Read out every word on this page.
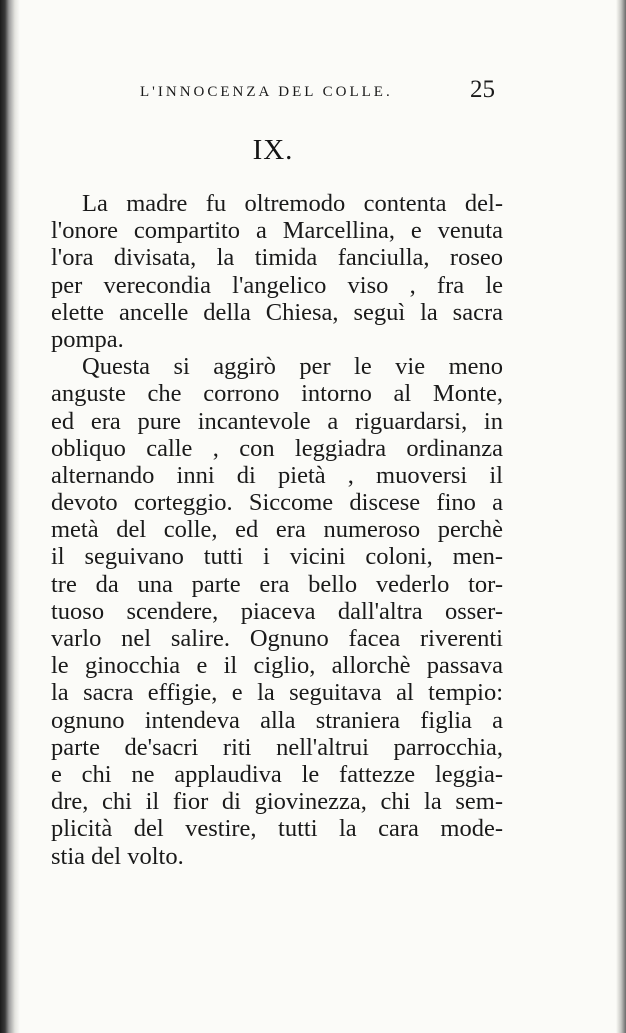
L'INNOCENZA DEL COLLE.	25
IX.
La madre fu oltremodo contenta del-
l'onore compartito a Marcellina, e venuta
l'ora divisata, la timida fanciulla, roseo
per verecondia l'angelico viso , fra le
elette ancelle della Chiesa, seguì la sacra
pompa.
Questa si aggirò per le vie meno
anguste che corrono intorno al Monte,
ed era pure incantevole a riguardarsi, in
obliquo calle , con leggiadra ordinanza
alternando inni di pietà , muoversi il
devoto corteggio. Siccome discese fino a
metà del colle, ed era numeroso perchè
il seguivano tutti i vicini coloni, men-
tre da una parte era bello vederlo tor-
tuoso scendere, piaceva dall'altra osser-
varlo nel salire. Ognuno facea riverenti
le ginocchia e il ciglio, allorchè passava
la sacra effigie, e la seguitava al tempio:
ognuno intendeva alla straniera figlia a
parte de'sacri riti nell'altrui parrocchia,
e chi ne applaudiva le fattezze leggia-
dre, chi il fior di giovinezza, chi la sem-
plicità del vestire, tutti la cara mode-
stia del volto.
